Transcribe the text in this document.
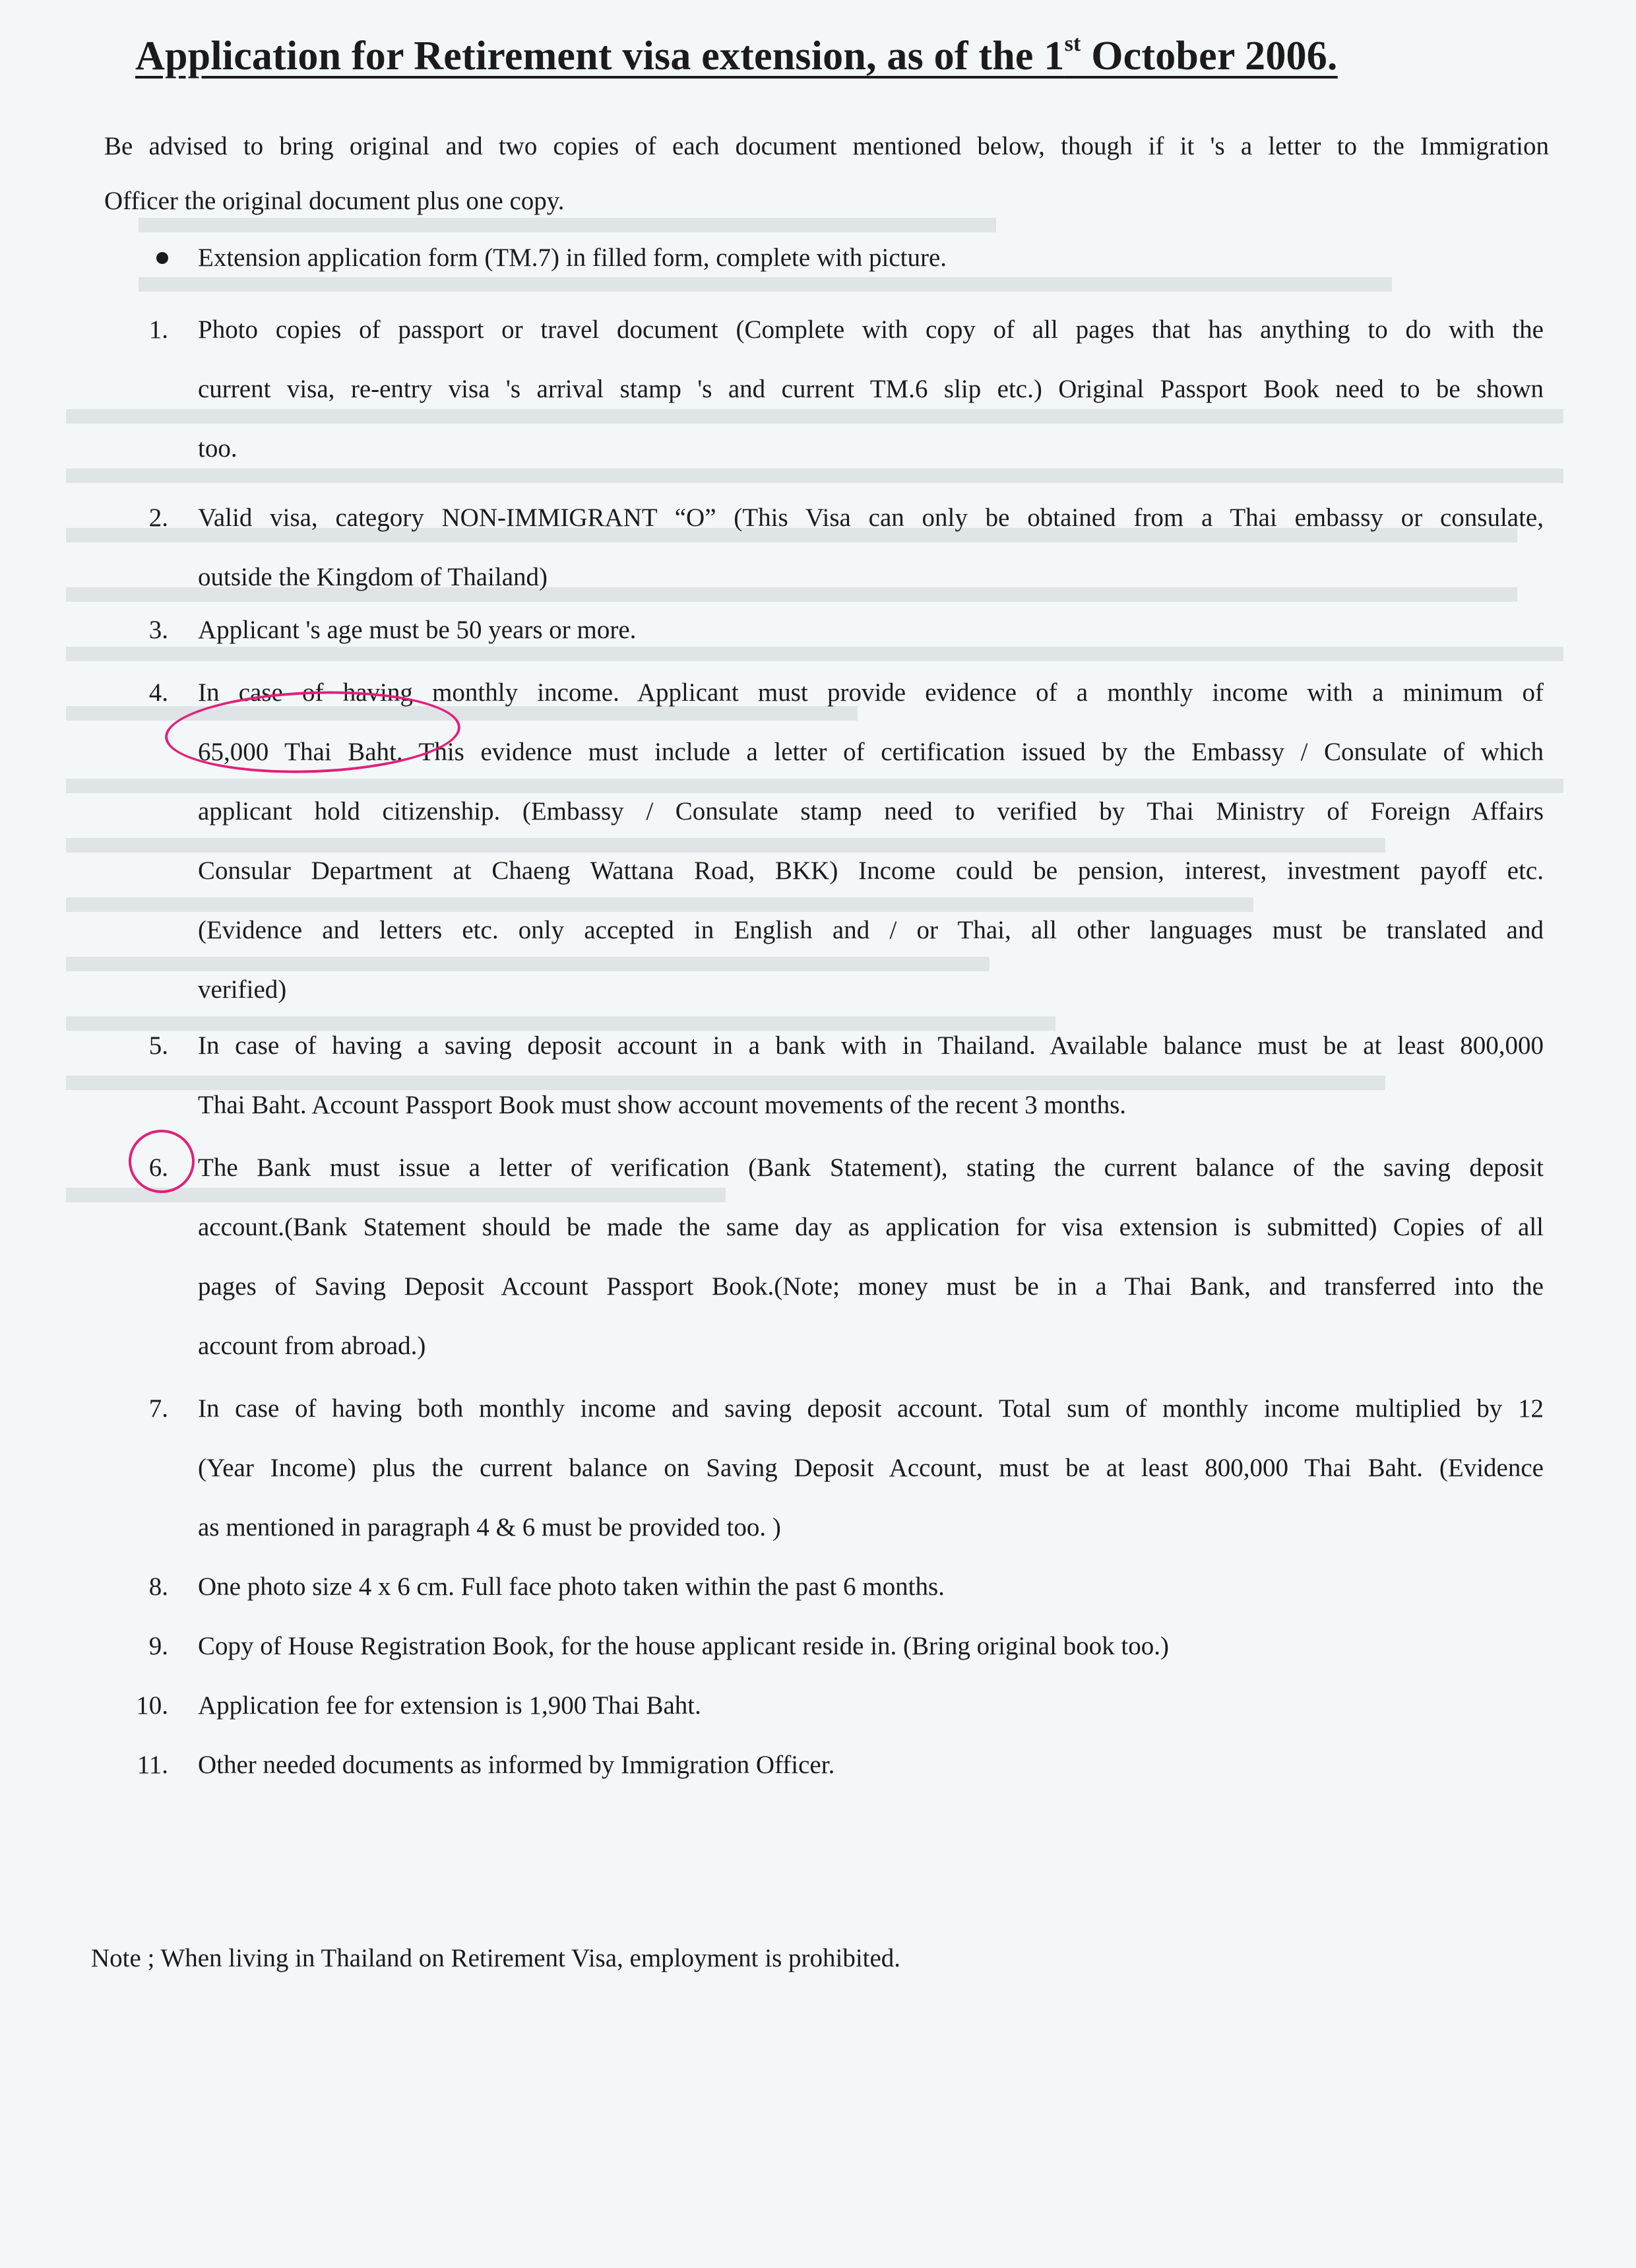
Application for Retirement visa extension, as of the 1st October 2006.
Be advised to bring original and two copies of each document mentioned below, though if it 's a letter to the Immigration
Officer the original document plus one copy.
Extension application form (TM.7) in filled form, complete with picture.
1. Photo copies of passport or travel document (Complete with copy of all pages that has anything to do with the
current visa, re-entry visa 's arrival stamp 's and current TM.6 slip etc.) Original Passport Book need to be shown
too.
2. Valid visa, category NON-IMMIGRANT “O” (This Visa can only be obtained from a Thai embassy or consulate,
outside the Kingdom of Thailand)
3. Applicant 's age must be 50 years or more.
4. In case of having monthly income. Applicant must provide evidence of a monthly income with a minimum of
65,000 Thai Baht. This evidence must include a letter of certification issued by the Embassy / Consulate of which
applicant hold citizenship. (Embassy / Consulate stamp need to verified by Thai Ministry of Foreign Affairs
Consular Department at Chaeng Wattana Road, BKK) Income could be pension, interest, investment payoff etc.
(Evidence and letters etc. only accepted in English and / or Thai, all other languages must be translated and
verified)
5. In case of having a saving deposit account in a bank with in Thailand. Available balance must be at least 800,000
Thai Baht. Account Passport Book must show account movements of the recent 3 months.
6. The Bank must issue a letter of verification (Bank Statement), stating the current balance of the saving deposit
account.(Bank Statement should be made the same day as application for visa extension is submitted) Copies of all
pages of Saving Deposit Account Passport Book.(Note; money must be in a Thai Bank, and transferred into the
account from abroad.)
7. In case of having both monthly income and saving deposit account. Total sum of monthly income multiplied by 12
(Year Income) plus the current balance on Saving Deposit Account, must be at least 800,000 Thai Baht. (Evidence
as mentioned in paragraph 4 & 6 must be provided too. )
8. One photo size 4 x 6 cm. Full face photo taken within the past 6 months.
9. Copy of House Registration Book, for the house applicant reside in. (Bring original book too.)
10. Application fee for extension is 1,900 Thai Baht.
11. Other needed documents as informed by Immigration Officer.
Note ; When living in Thailand on Retirement Visa, employment is prohibited.
